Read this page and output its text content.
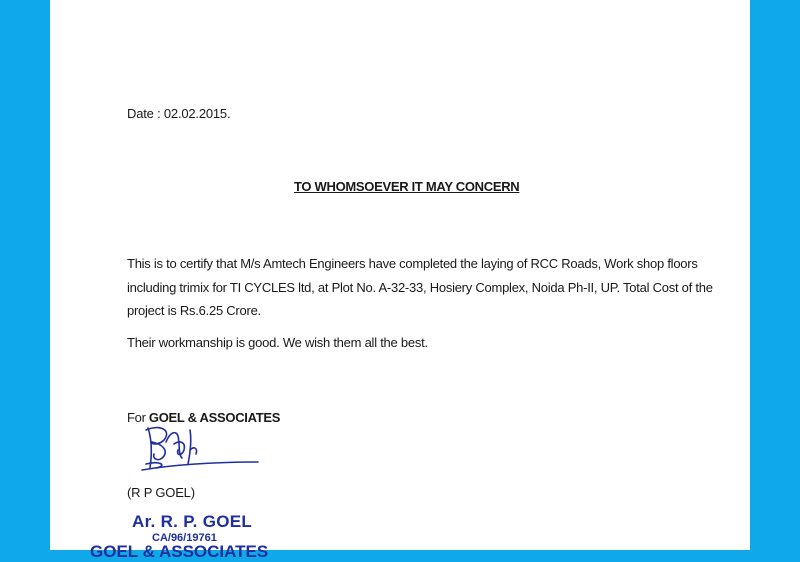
Date : 02.02.2015.
TO WHOMSOEVER IT MAY CONCERN
This is to certify that M/s Amtech Engineers have completed the laying of RCC Roads, Work shop floors
including trimix for TI CYCLES ltd, at Plot No. A-32-33, Hosiery Complex, Noida Ph-II, UP. Total Cost of the
project is Rs.6.25 Crore.
Their workmanship is good. We wish them all the best.
For GOEL & ASSOCIATES
(R P GOEL)
Ar. R. P. GOEL
CA/96/19761
GOEL & ASSOCIATES
